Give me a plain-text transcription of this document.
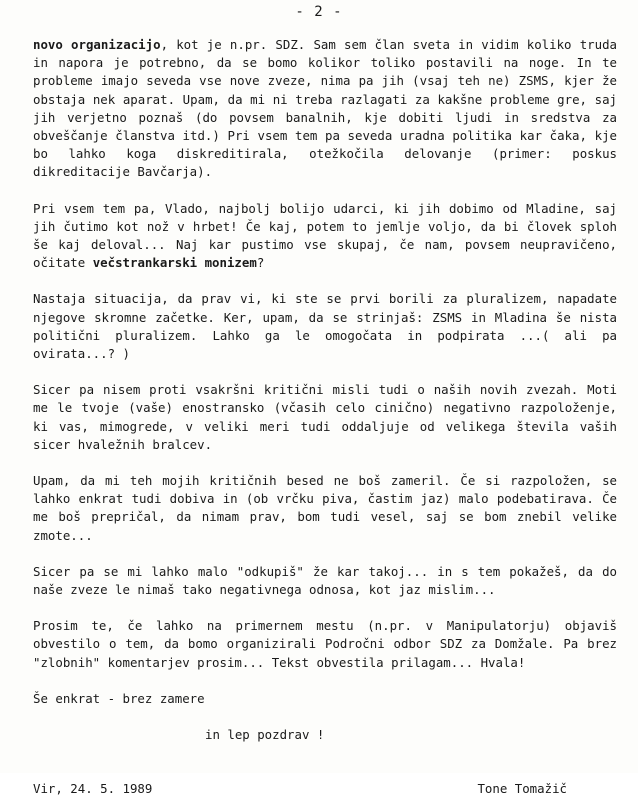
- 2 -

novo organizacijo, kot je n.pr. SDZ. Sam sem član sveta in vidim koliko truda in napora je potrebno, da se bomo kolikor toliko postavili na noge. In te probleme imajo seveda vse nove zveze, nima pa jih (vsaj teh ne) ZSMS, kjer že obstaja nek aparat. Upam, da mi ni treba razlagati za kakšne probleme gre, saj jih verjetno poznaš (do povsem banalnih, kje dobiti ljudi in sredstva za obveščanje članstva itd.) Pri vsem tem pa seveda uradna politika kar čaka, kje bo lahko koga diskreditirala, otežkočila delovanje (primer: poskus dikreditacije Bavčarja).

Pri vsem tem pa, Vlado, najbolj bolijo udarci, ki jih dobimo od Mladine, saj jih čutimo kot nož v hrbet! Če kaj, potem to jemlje voljo, da bi človek sploh še kaj deloval... Naj kar pustimo vse skupaj, če nam, povsem neupravičeno, očitate večstrankarski monizem?

Nastaja situacija, da prav vi, ki ste se prvi borili za pluralizem, napadate njegove skromne začetke. Ker, upam, da se strinjaš: ZSMS in Mladina še nista politični pluralizem. Lahko ga le omogočata in podpirata ...( ali pa ovirata...? )

Sicer pa nisem proti vsakršni kritični misli tudi o naših novih zvezah. Moti me le tvoje (vaše) enostransko (včasih celo cinično) negativno razpoloženje, ki vas, mimogrede, v veliki meri tudi oddaljuje od velikega števila vaših sicer hvaležnih bralcev.

Upam, da mi teh mojih kritičnih besed ne boš zameril. Če si razpoložen, se lahko enkrat tudi dobiva in (ob vrčku piva, častim jaz) malo podebatirava. Če me boš prepričal, da nimam prav, bom tudi vesel, saj se bom znebil velike zmote...

Sicer pa se mi lahko malo "odkupiš" že kar takoj... in s tem pokažeš, da do naše zveze le nimaš tako negativnega odnosa, kot jaz mislim...

Prosim te, če lahko na primernem mestu (n.pr. v Manipulatorju) objaviš obvestilo o tem, da bomo organizirali Področni odbor SDZ za Domžale. Pa brez "zlobnih" komentarjev prosim... Tekst obvestila prilagam... Hvala!

Še enkrat - brez zamere

in lep pozdrav !

Vir, 24. 5. 1989	Tone Tomažič
